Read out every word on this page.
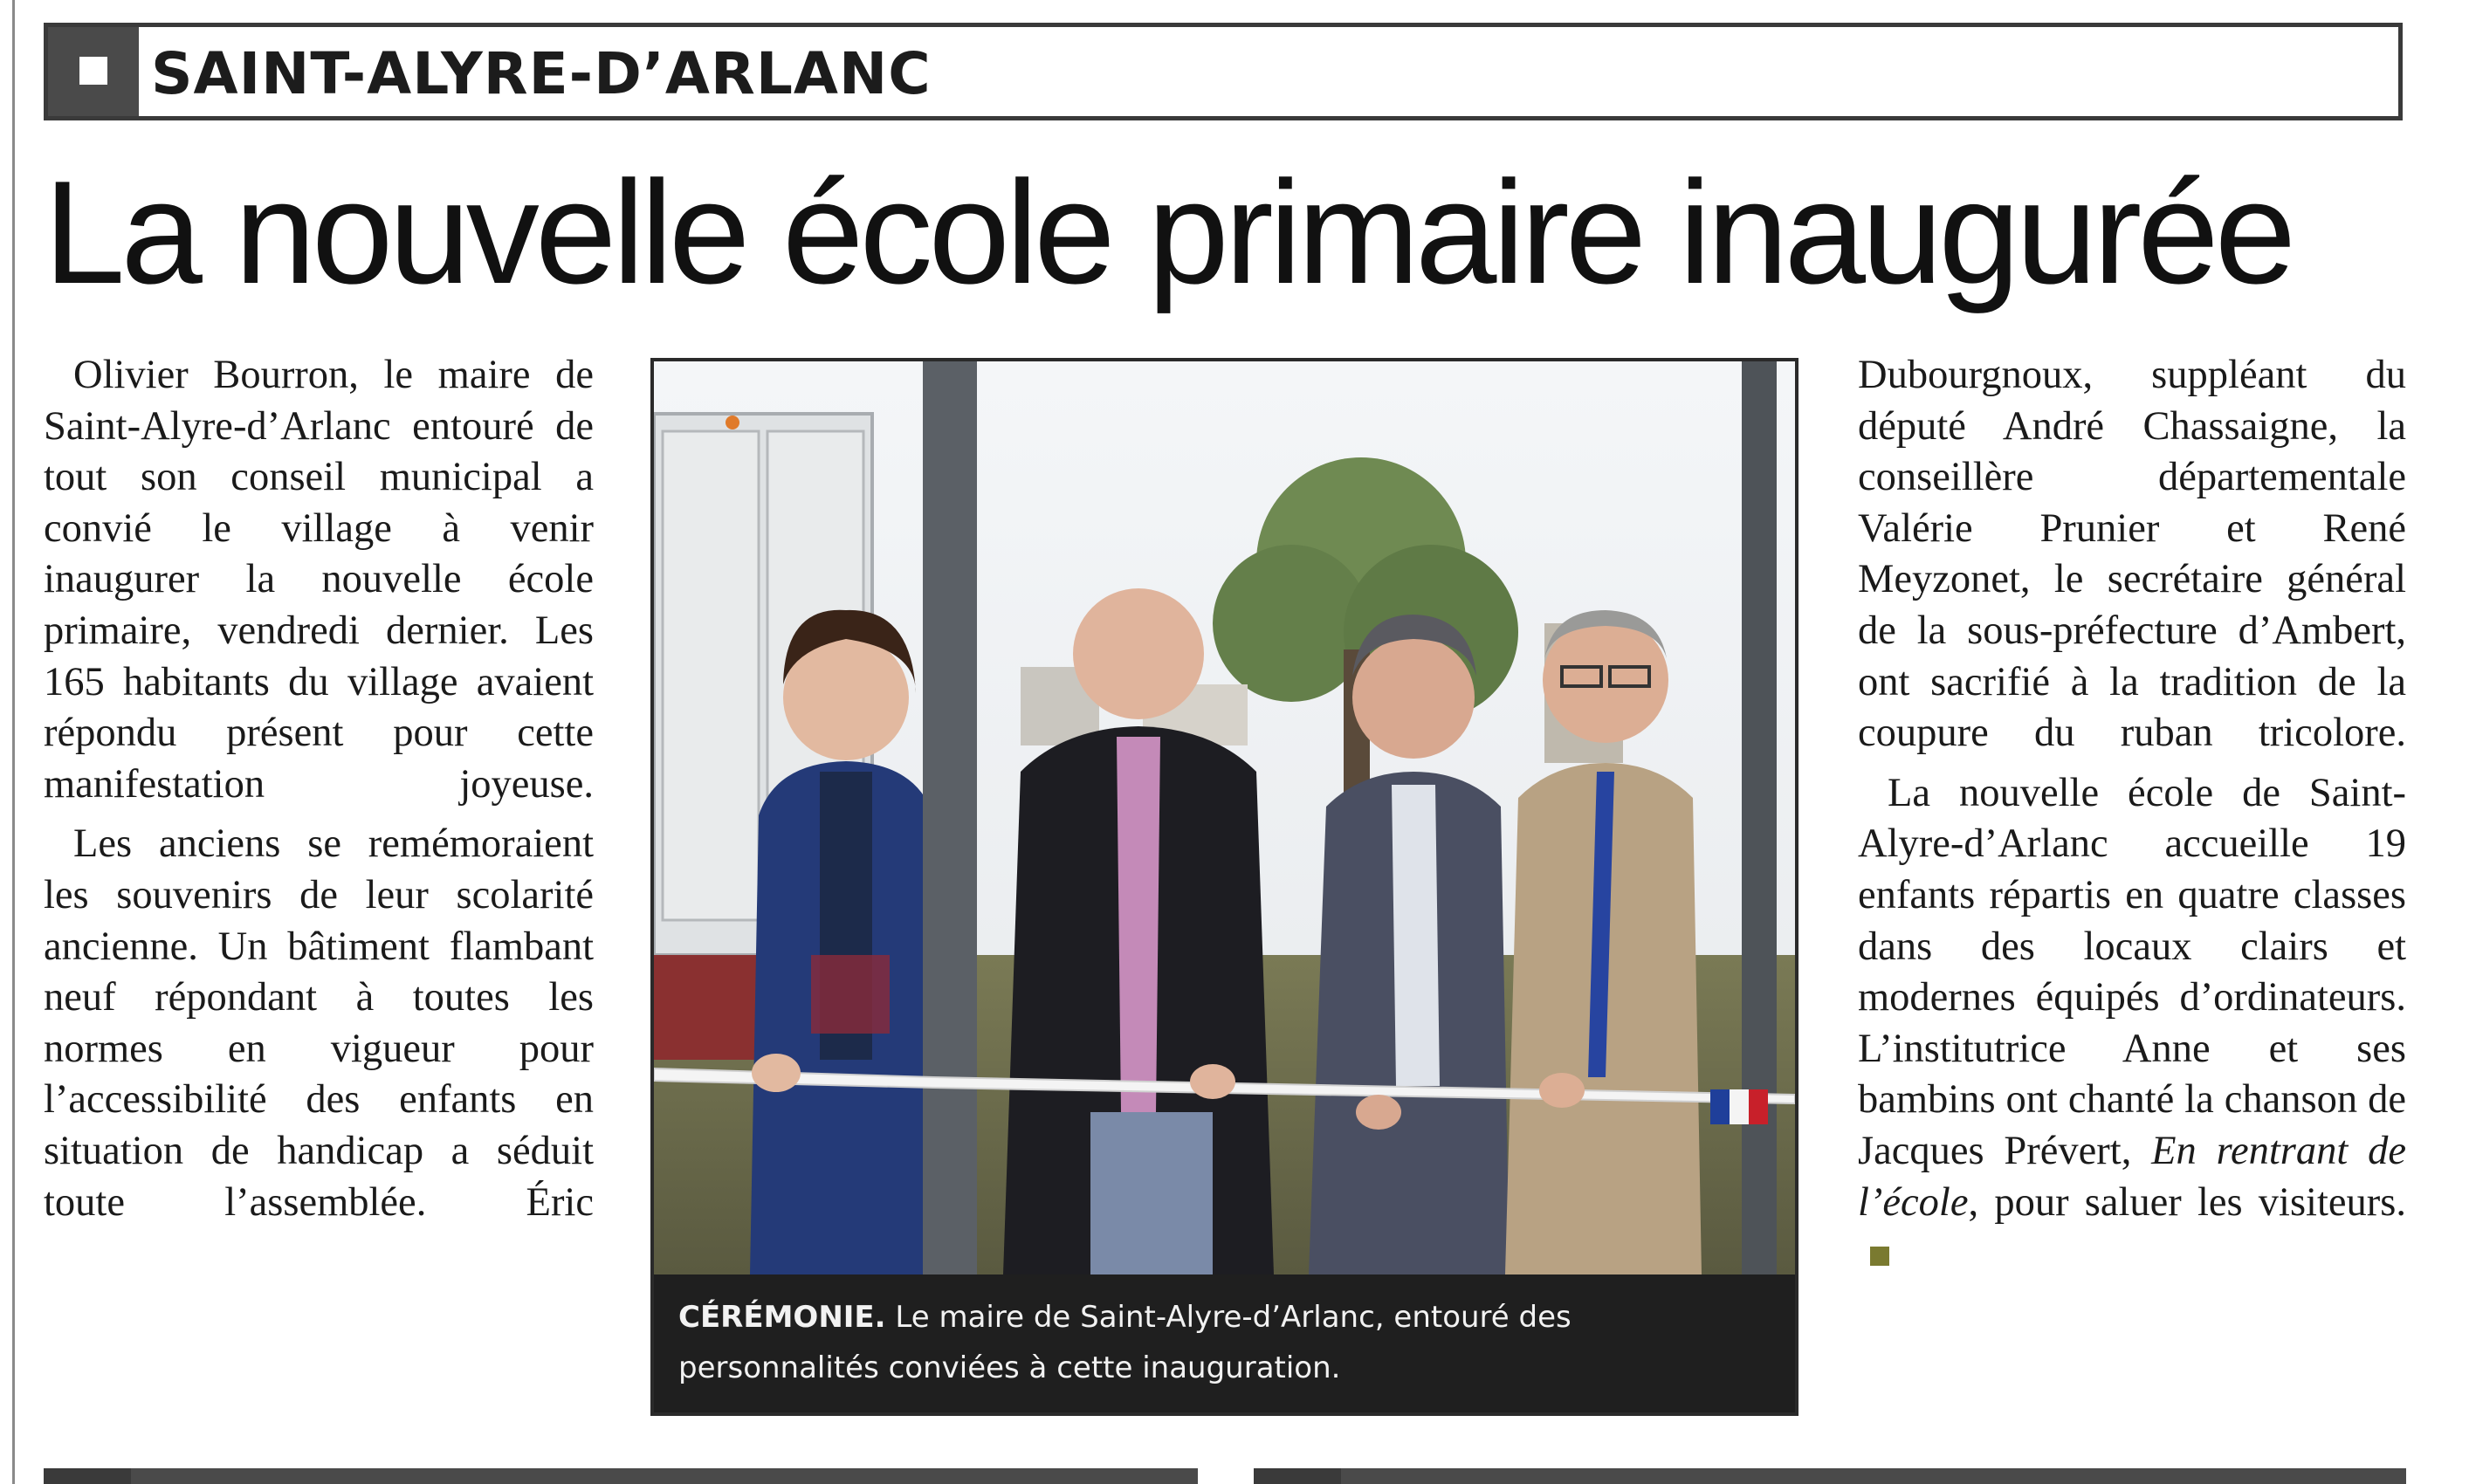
SAINT-ALYRE-D’ARLANC
La nouvelle école primaire inaugurée

Olivier Bourron, le maire de Saint-Alyre-d’Arlanc entouré de tout son conseil municipal a convié le village à venir inaugurer la nouvelle école primaire, vendredi dernier. Les 165 habitants du village avaient répondu présent pour cette manifestation joyeuse.

Les anciens se remémoraient les souvenirs de leur scolarité ancienne. Un bâtiment flambant neuf répondant à toutes les normes en vigueur pour l’accessibilité des enfants en situation de handicap a séduit toute l’assemblée. Éric

CÉRÉMONIE. Le maire de Saint-Alyre-d’Arlanc, entouré des personnalités conviées à cette inauguration.

Dubourgnoux, suppléant du député André Chassaigne, la conseillère départementale Valérie Prunier et René Meyzonet, le secrétaire général de la sous-préfecture d’Ambert, ont sacrifié à la tradition de la coupure du ruban tricolore.

La nouvelle école de Saint-Alyre-d’Arlanc accueille 19 enfants répartis en quatre classes dans des locaux clairs et modernes équipés d’ordinateurs. L’institutrice Anne et ses bambins ont chanté la chanson de Jacques Prévert, En rentrant de l’école, pour saluer les visiteurs.
